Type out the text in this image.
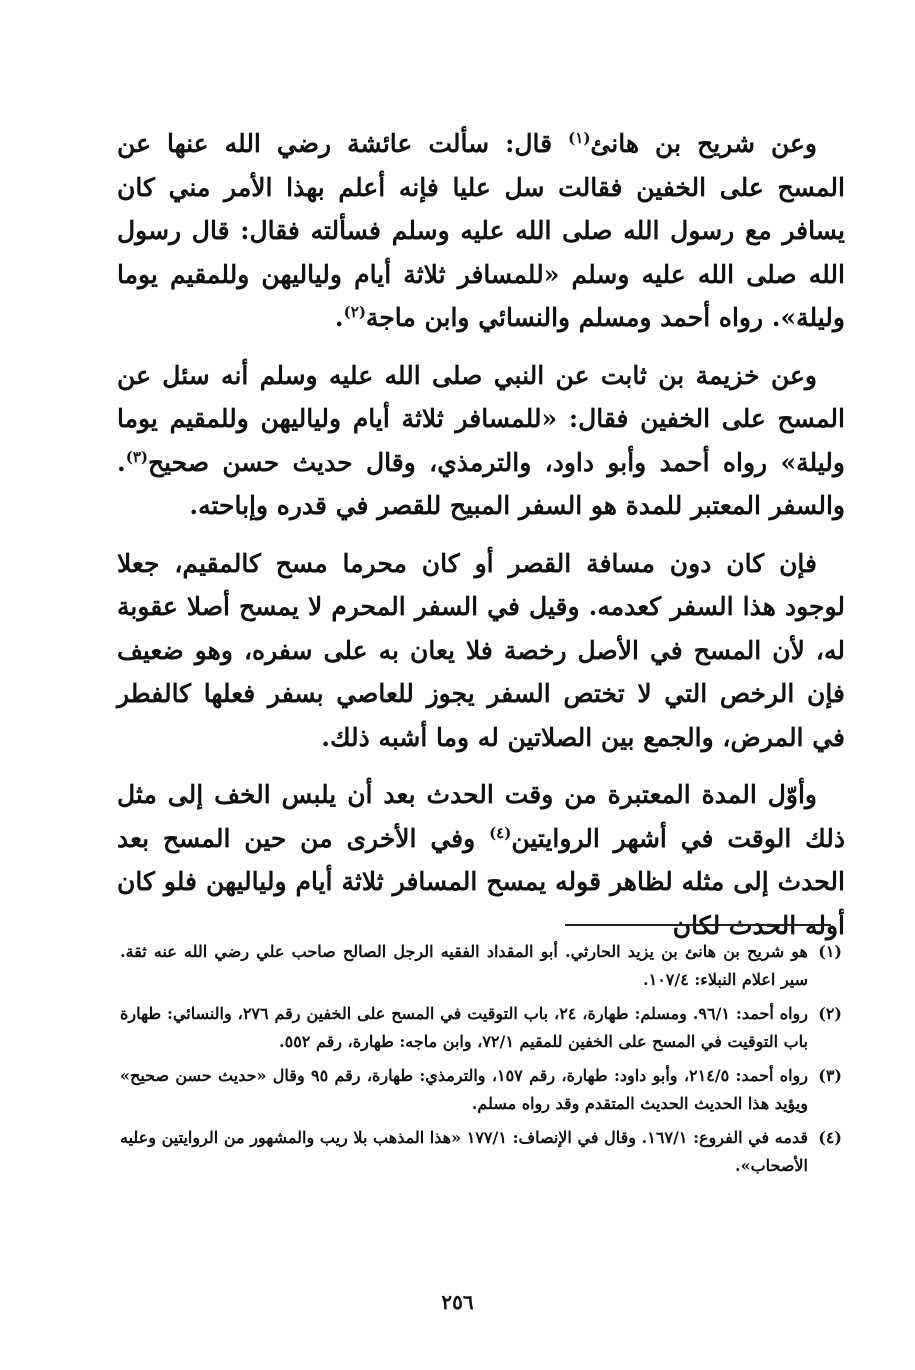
وعن شريح بن هانئ$^{(١)}$ قال: سألت عائشة رضي الله عنها عن المسح على الخفين فقالت سل عليا فإنه أعلم بهذا الأمر مني كان يسافر مع رسول الله صلى الله عليه وسلم فسألته فقال: قال رسول الله صلى الله عليه وسلم «للمسافر ثلاثة أيام ولياليهن وللمقيم يوما وليلة». رواه أحمد ومسلم والنسائي وابن ماجة$^{(٢)}$.

وعن خزيمة بن ثابت عن النبي صلى الله عليه وسلم أنه سئل عن المسح على الخفين فقال: «للمسافر ثلاثة أيام ولياليهن وللمقيم يوما وليلة» رواه أحمد وأبو داود، والترمذي، وقال حديث حسن صحيح$^{(٣)}$. والسفر المعتبر للمدة هو السفر المبيح للقصر في قدره وإباحته.

فإن كان دون مسافة القصر أو كان محرما مسح كالمقيم، جعلا لوجود هذا السفر كعدمه. وقيل في السفر المحرم لا يمسح أصلا عقوبة له، لأن المسح في الأصل رخصة فلا يعان به على سفره، وهو ضعيف فإن الرخص التي لا تختص السفر يجوز للعاصي بسفر فعلها كالفطر في المرض، والجمع بين الصلاتين له وما أشبه ذلك.

وأوّل المدة المعتبرة من وقت الحدث بعد أن يلبس الخف إلى مثل ذلك الوقت في أشهر الروايتين$^{(٤)}$ وفي الأخرى من حين المسح بعد الحدث إلى مثله لظاهر قوله يمسح المسافر ثلاثة أيام ولياليهن فلو كان أوله الحدث لكان

(١)
هو شريح بن هانئ بن يزيد الحارثي. أبو المقداد الفقيه الرجل الصالح صاحب علي رضي الله عنه ثقة. سير اعلام النبلاء: ١٠٧/٤.
(٢)
رواه أحمد: ٩٦/١. ومسلم: طهارة، ٢٤، باب التوقيت في المسح على الخفين رقم ٢٧٦، والنسائي: طهارة باب التوقيت في المسح على الخفين للمقيم ٧٢/١، وابن ماجه: طهارة، رقم ٥٥٢.
(٣)
رواه أحمد: ٢١٤/٥، وأبو داود: طهارة، رقم ١٥٧، والترمذي: طهارة، رقم ٩٥ وقال «حديث حسن صحيح» ويؤيد هذا الحديث الحديث المتقدم وقد رواه مسلم.
(٤)
قدمه في الفروع: ١٦٧/١. وقال في الإنصاف: ١٧٧/١ «هذا المذهب بلا ريب والمشهور من الروايتين وعليه الأصحاب».
٢٥٦
